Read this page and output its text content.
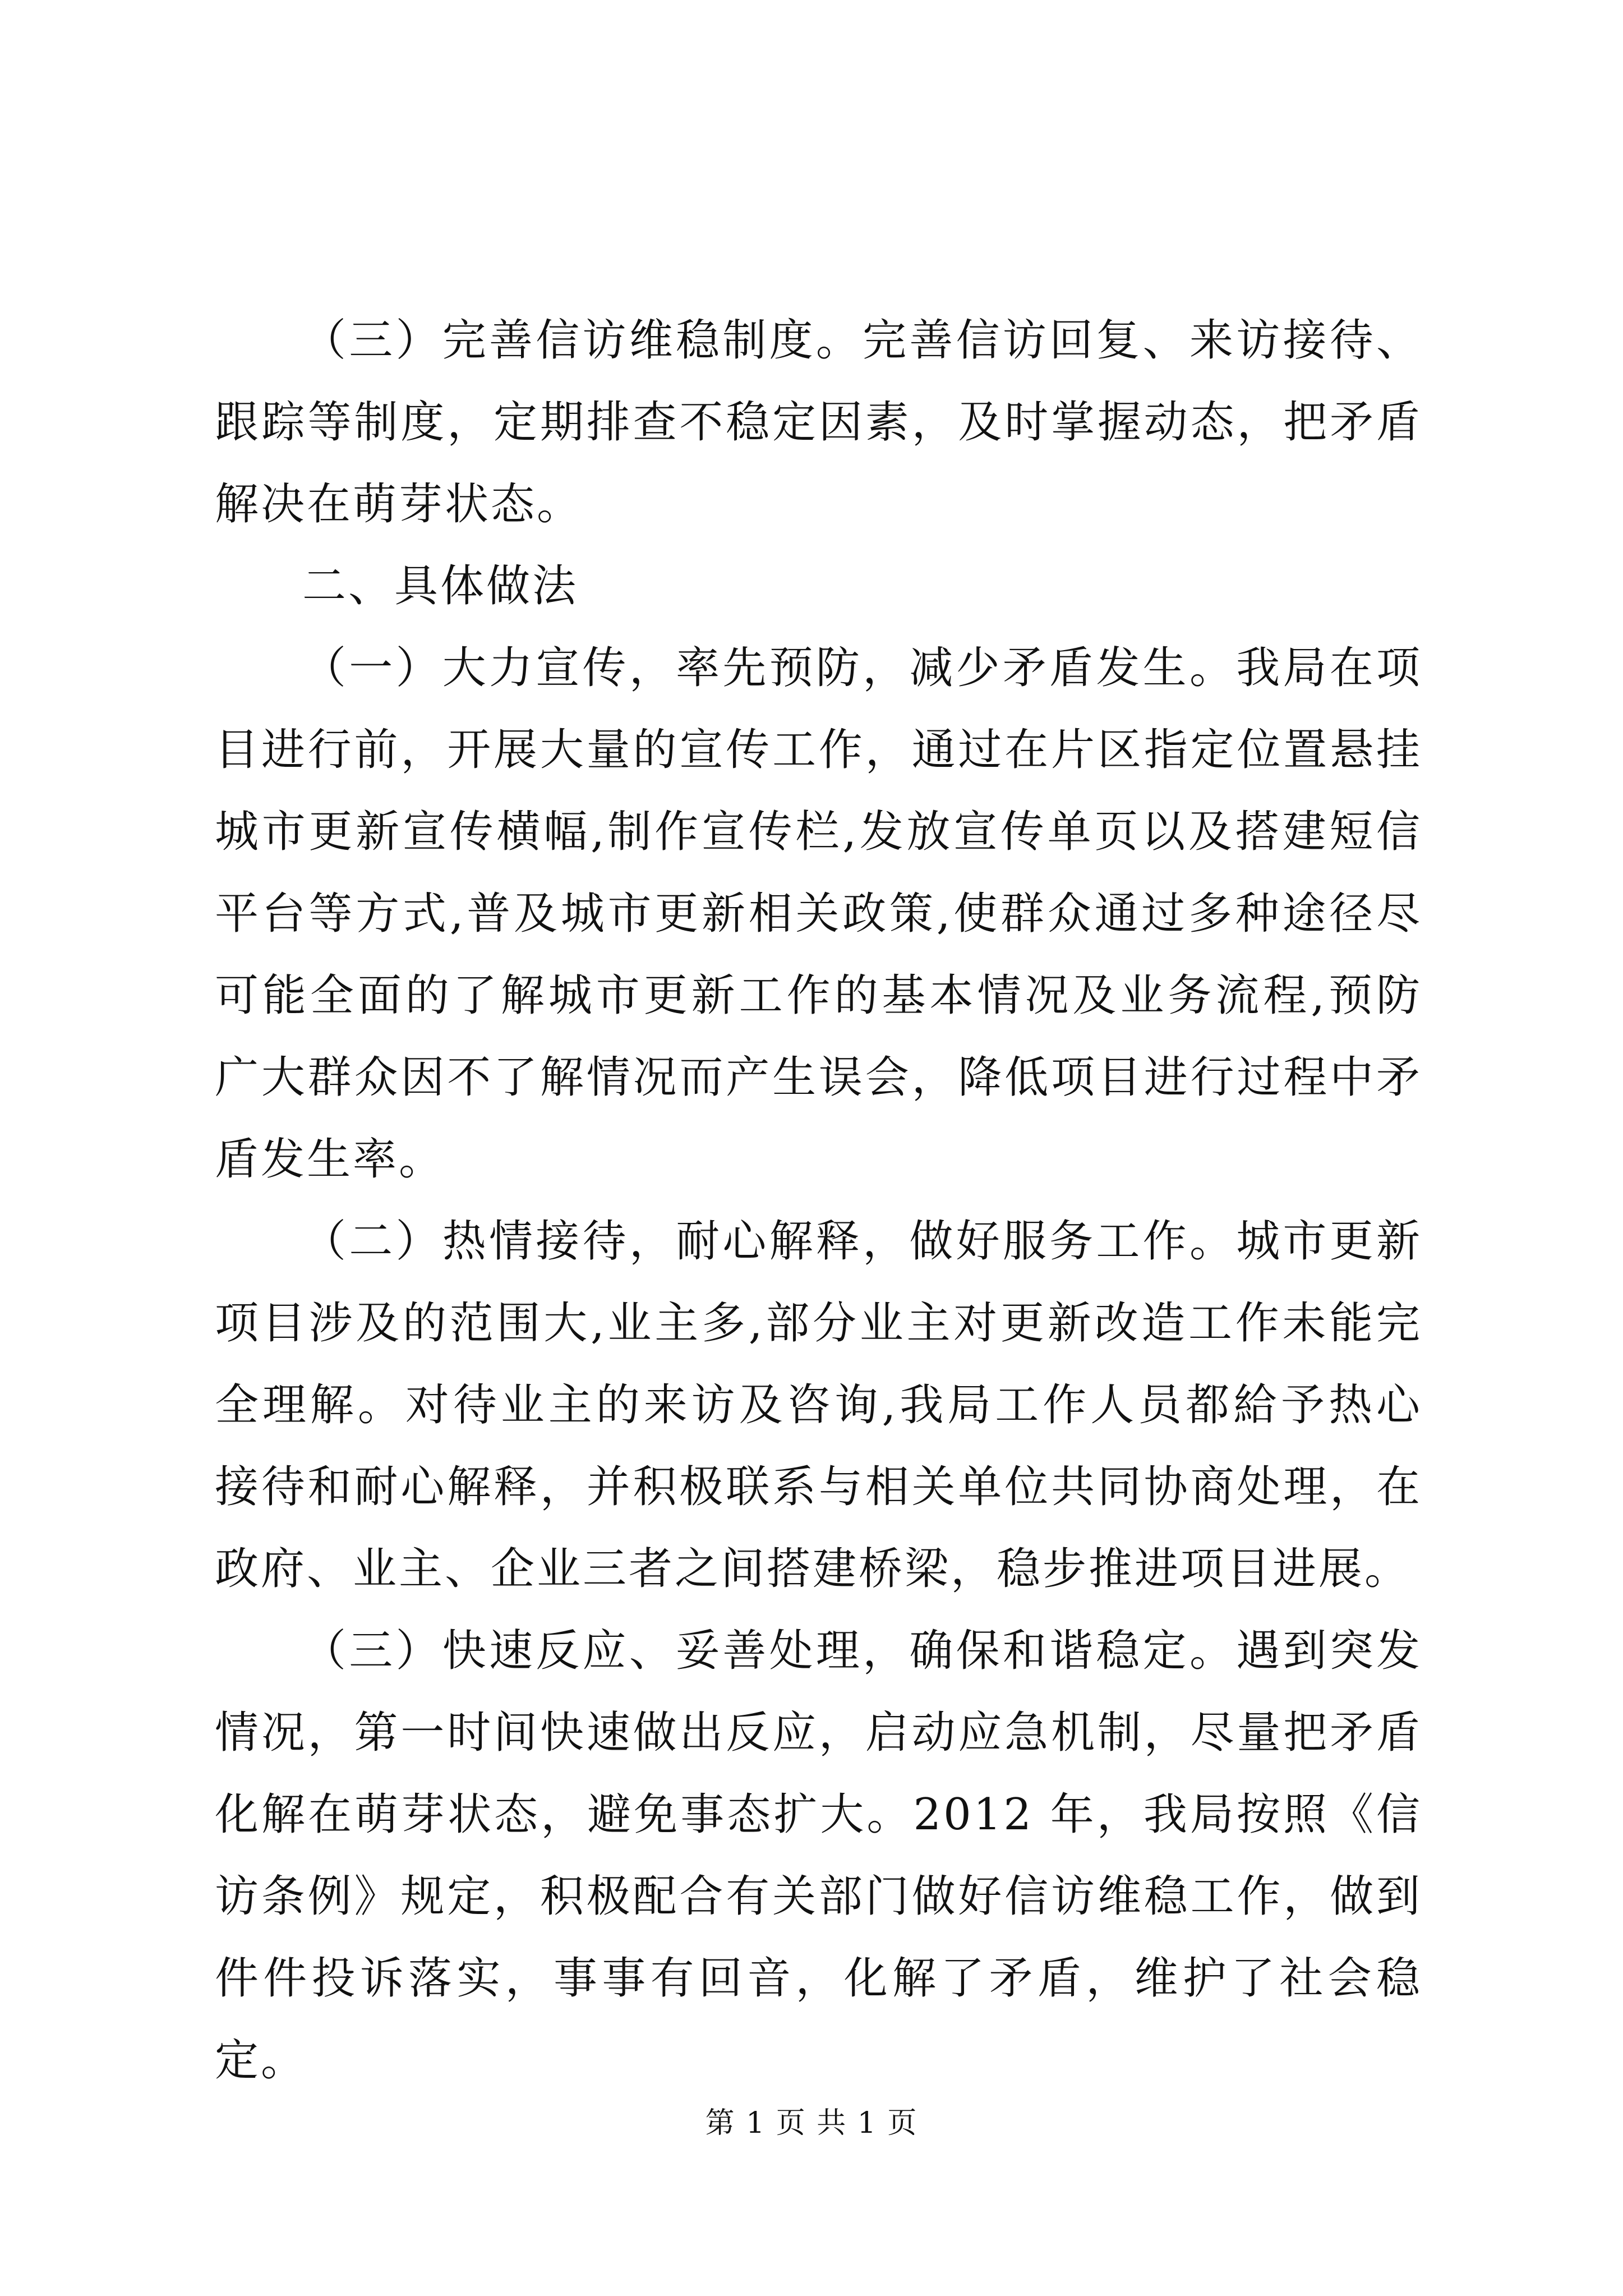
（三）完善信访维稳制度。完善信访回复、来访接待、跟踪等制度，定期排查不稳定因素，及时掌握动态，把矛盾解决在萌芽状态。

二、具体做法

（一）大力宣传，率先预防，减少矛盾发生。我局在项目进行前，开展大量的宣传工作，通过在片区指定位置悬挂城市更新宣传横幅,制作宣传栏,发放宣传单页以及搭建短信平台等方式,普及城市更新相关政策,使群众通过多种途径尽可能全面的了解城市更新工作的基本情况及业务流程,预防广大群众因不了解情况而产生误会，降低项目进行过程中矛盾发生率。

（二）热情接待，耐心解释，做好服务工作。城市更新项目涉及的范围大,业主多,部分业主对更新改造工作未能完全理解。对待业主的来访及咨询,我局工作人员都給予热心接待和耐心解释，并积极联系与相关单位共同协商处理，在政府、业主、企业三者之间搭建桥梁，稳步推进项目进展。

（三）快速反应、妥善处理，确保和谐稳定。遇到突发情况，第一时间快速做出反应，启动应急机制，尽量把矛盾化解在萌芽状态，避免事态扩大。2012 年，我局按照《信访条例》规定，积极配合有关部门做好信访维稳工作，做到件件投诉落实，事事有回音，化解了矛盾，维护了社会稳定。

第 1 页 共 1 页
